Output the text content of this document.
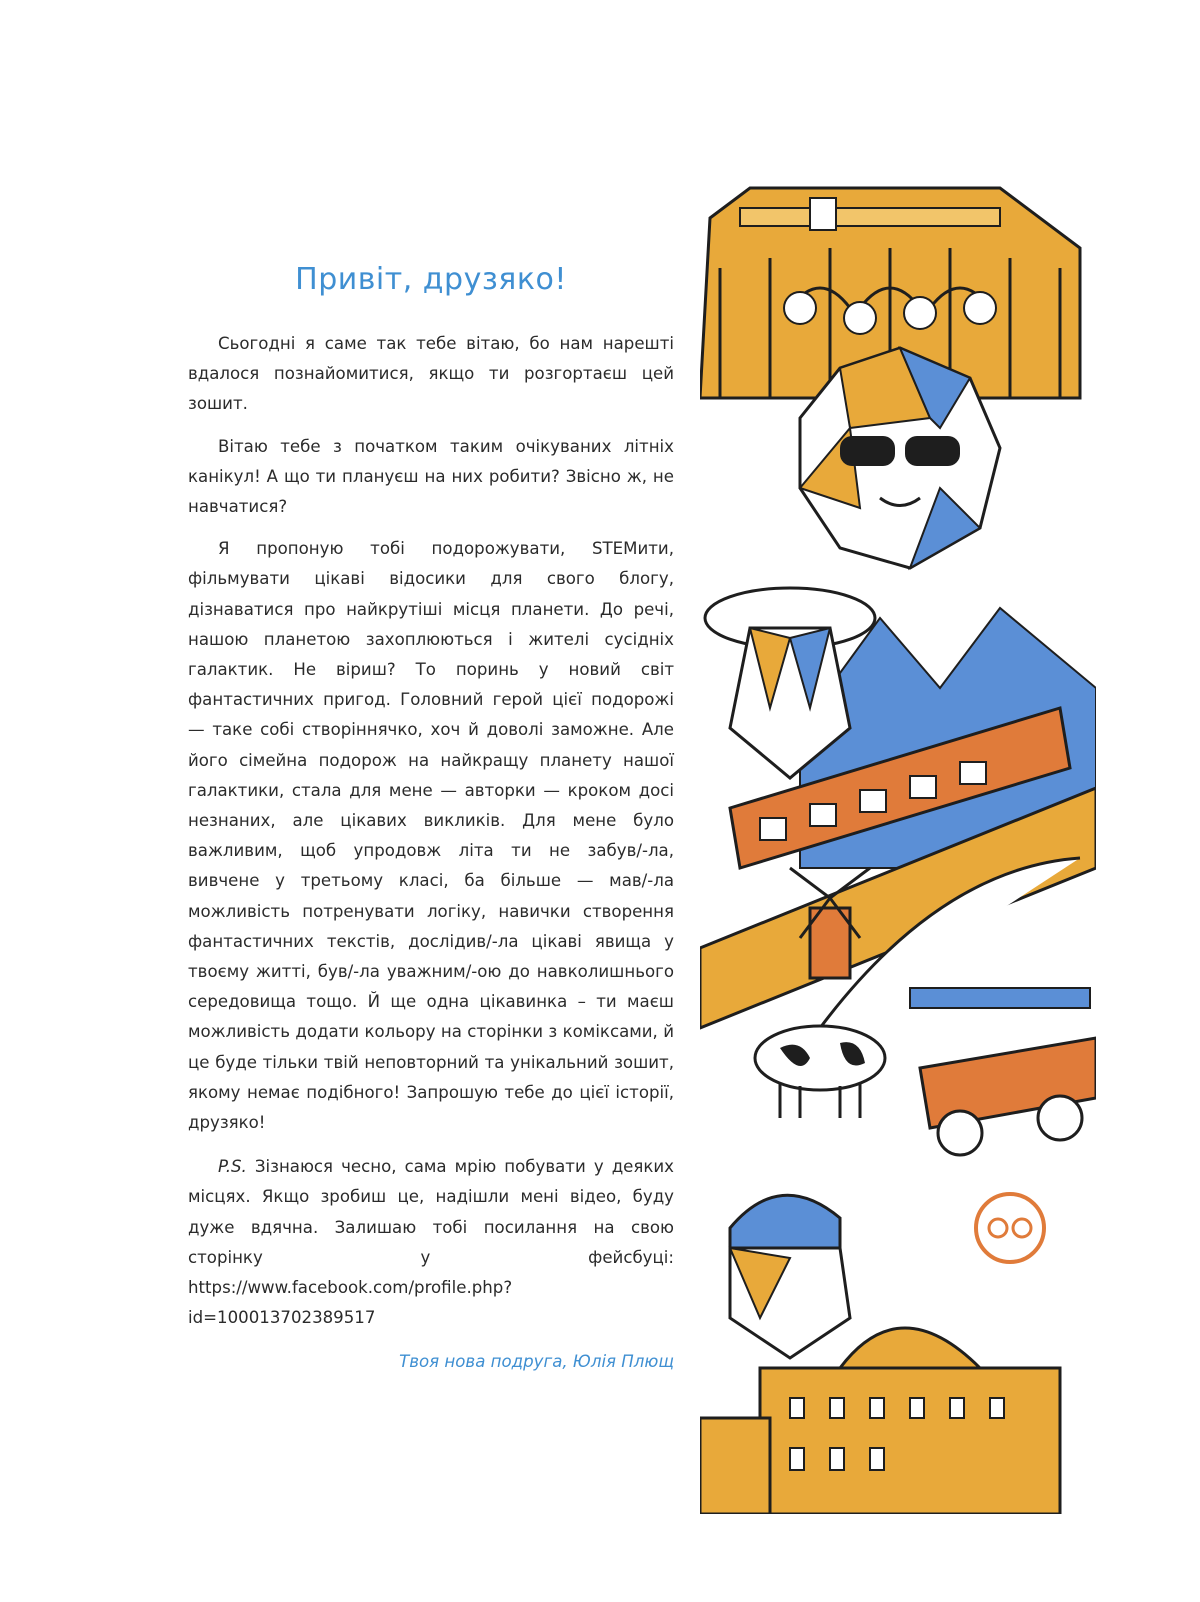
Привіт, друзяко!

Сьогодні я саме так тебе вітаю, бо нам нарешті вдалося познайомитися, якщо ти розгортаєш цей зошит.

Вітаю тебе з початком таким очікуваних літніх канікул! А що ти плануєш на них робити? Звісно ж, не навчатися?

Я пропоную тобі подорожувати, STEMити, фільмувати цікаві відосики для свого блогу, дізнаватися про найкрутіші місця планети. До речі, нашою планетою захоплюються і жителі сусідніх галактик. Не віриш? То поринь у новий світ фантастичних пригод. Головний герой цієї подорожі — таке собі створіннячко, хоч й доволі заможне. Але його сімейна подорож на найкращу планету нашої галактики, стала для мене — авторки — кроком досі незнаних, але цікавих викликів. Для мене було важливим, щоб упродовж літа ти не забув/-ла, вивчене у третьому класі, ба більше — мав/-ла можливість потренувати логіку, навички створення фантастичних текстів, дослідив/-ла цікаві явища у твоєму житті, був/-ла уважним/-ою до навколишнього середовища тощо. Й ще одна цікавинка – ти маєш можливість додати кольору на сторінки з коміксами, й це буде тільки твій неповторний та унікальний зошит, якому немає подібного! Запрошую тебе до цієї історії, друзяко!

P.S. Зізнаюся чесно, сама мрію побувати у деяких місцях. Якщо зробиш це, надішли мені відео, буду дуже вдячна. Залишаю тобі посилання на свою сторінку у фейсбуці: https://www.facebook.com/profile.php?id=100013702389517

Твоя нова подруга, Юлія Плющ
